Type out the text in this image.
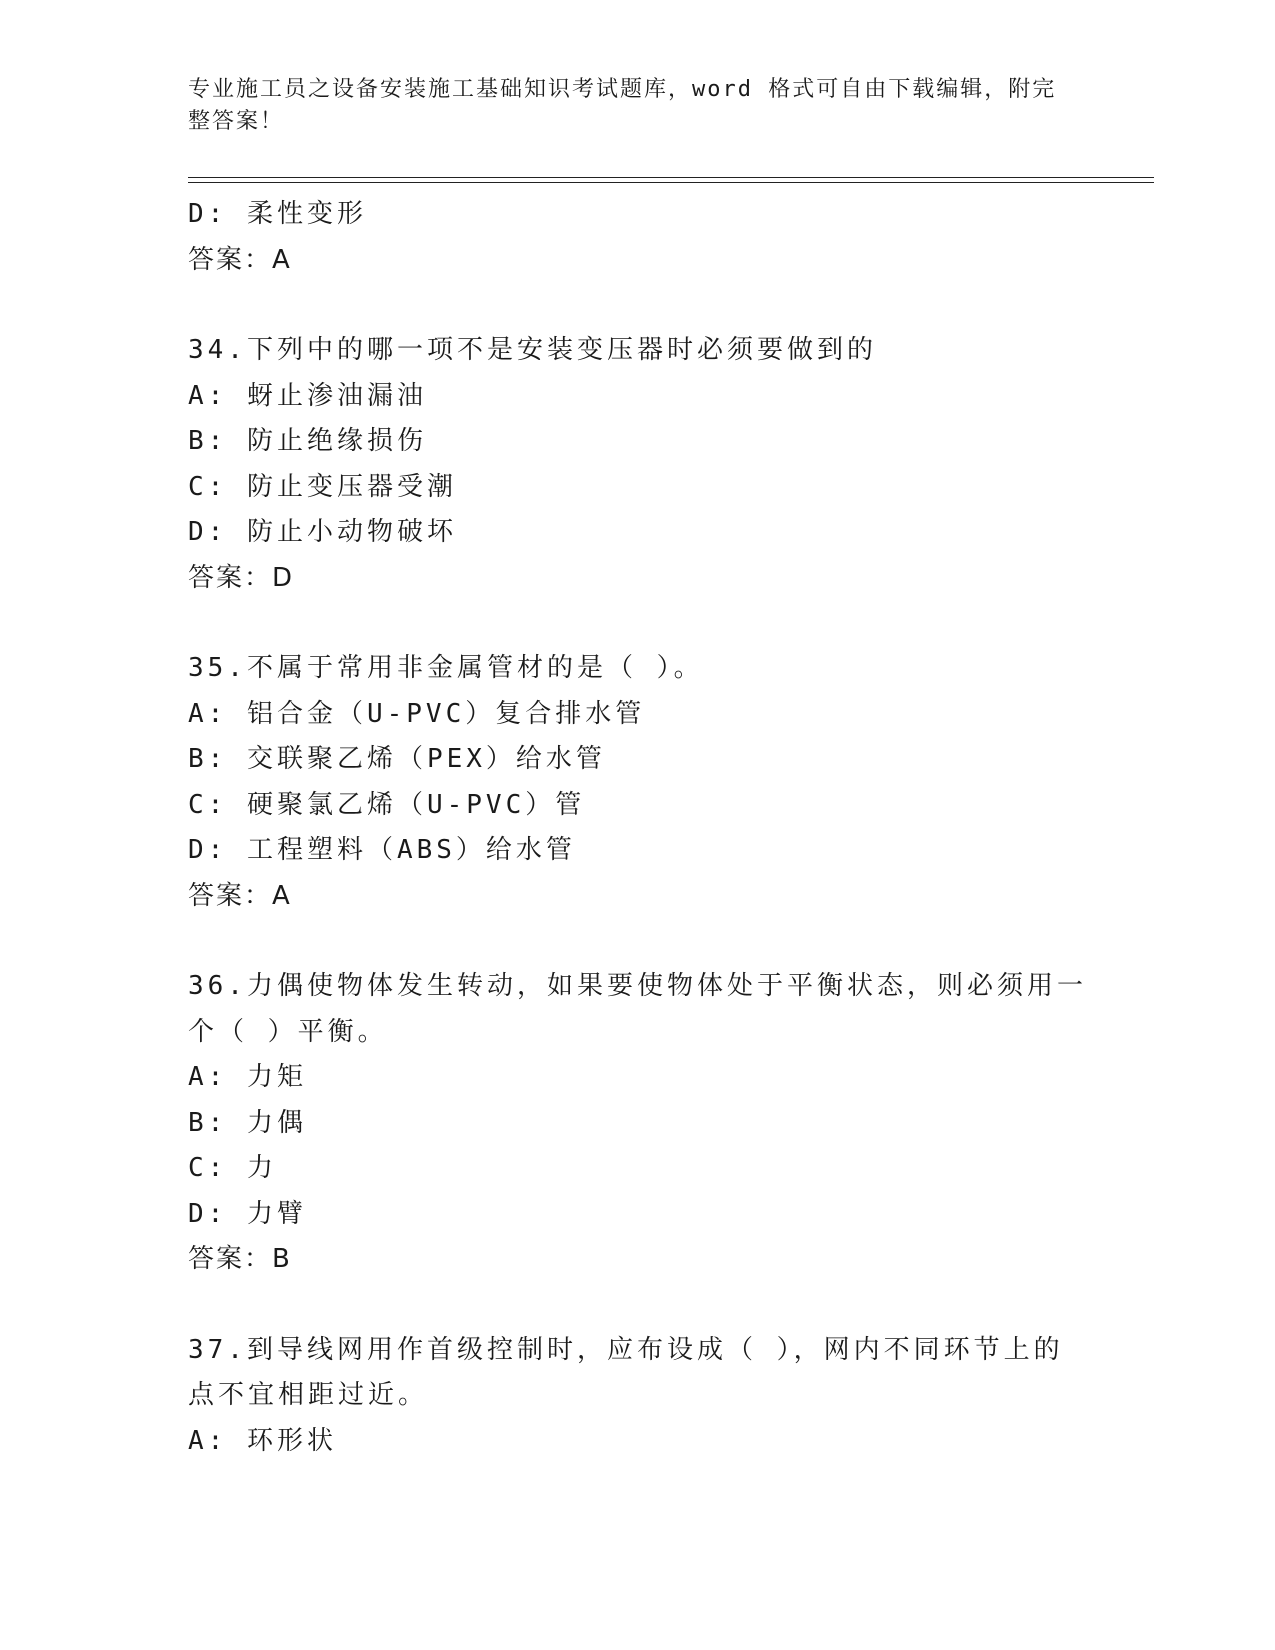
专业施工员之设备安装施工基础知识考试题库，word 格式可自由下载编辑，附完整答案！
D: 柔性变形
答案：A
34.下列中的哪一项不是安装变压器时必须要做到的
A: 蚜止渗油漏油
B: 防止绝缘损伤
C: 防止变压器受潮
D: 防止小动物破坏
答案：D
35.不属于常用非金属管材的是（ ）。
A: 铝合金（U-PVC）复合排水管
B: 交联聚乙烯（PEX）给水管
C: 硬聚氯乙烯（U-PVC）管
D: 工程塑料（ABS）给水管
答案：A
36.力偶使物体发生转动，如果要使物体处于平衡状态，则必须用一个（ ）平衡。
A: 力矩
B: 力偶
C: 力
D: 力臂
答案：B
37.到导线网用作首级控制时，应布设成（ ），网内不同环节上的点不宜相距过近。
A: 环形状
